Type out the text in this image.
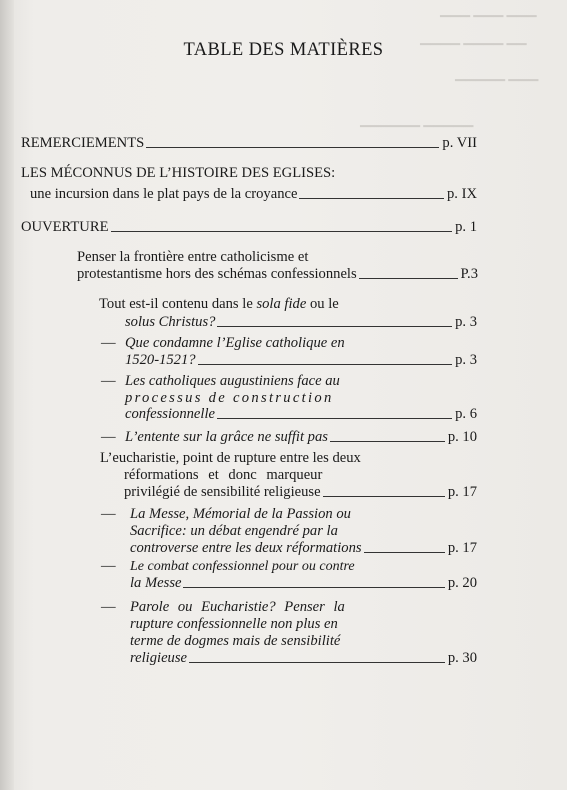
▁▁▁ ▁▁▁ ▁▁▁
▁▁▁▁ ▁▁▁▁ ▁▁
▁▁▁▁▁ ▁▁▁
▁▁▁▁▁▁ ▁▁▁▁▁
TABLE DES MATIÈRES
REMERCIEMENTS	p. VII
LES MÉCONNUS DE L’HISTOIRE DES EGLISES:
une incursion dans le plat pays de la croyance	p. IX
OUVERTURE	p. 1
Penser la frontière entre catholicisme et
protestantisme hors des schémas confessionnels	P.3
Tout est-il contenu dans le sola fide ou le
solus Christus?	p. 3
— Que condamne l’Eglise catholique en
1520-1521?	p. 3
— Les catholiques augustiniens face au
processus de construction
confessionnelle	p. 6
— L’entente sur la grâce ne suffit pas	p. 10
L’eucharistie, point de rupture entre les deux
réformations et donc marqueur
privilégié de sensibilité religieuse	p. 17
— La Messe, Mémorial de la Passion ou
Sacrifice: un débat engendré par la
controverse entre les deux réformations	p. 17
— Le combat confessionnel pour ou contre
la Messe	p. 20
— Parole ou Eucharistie? Penser la
rupture confessionnelle non plus en
terme de dogmes mais de sensibilité
religieuse	p. 30
